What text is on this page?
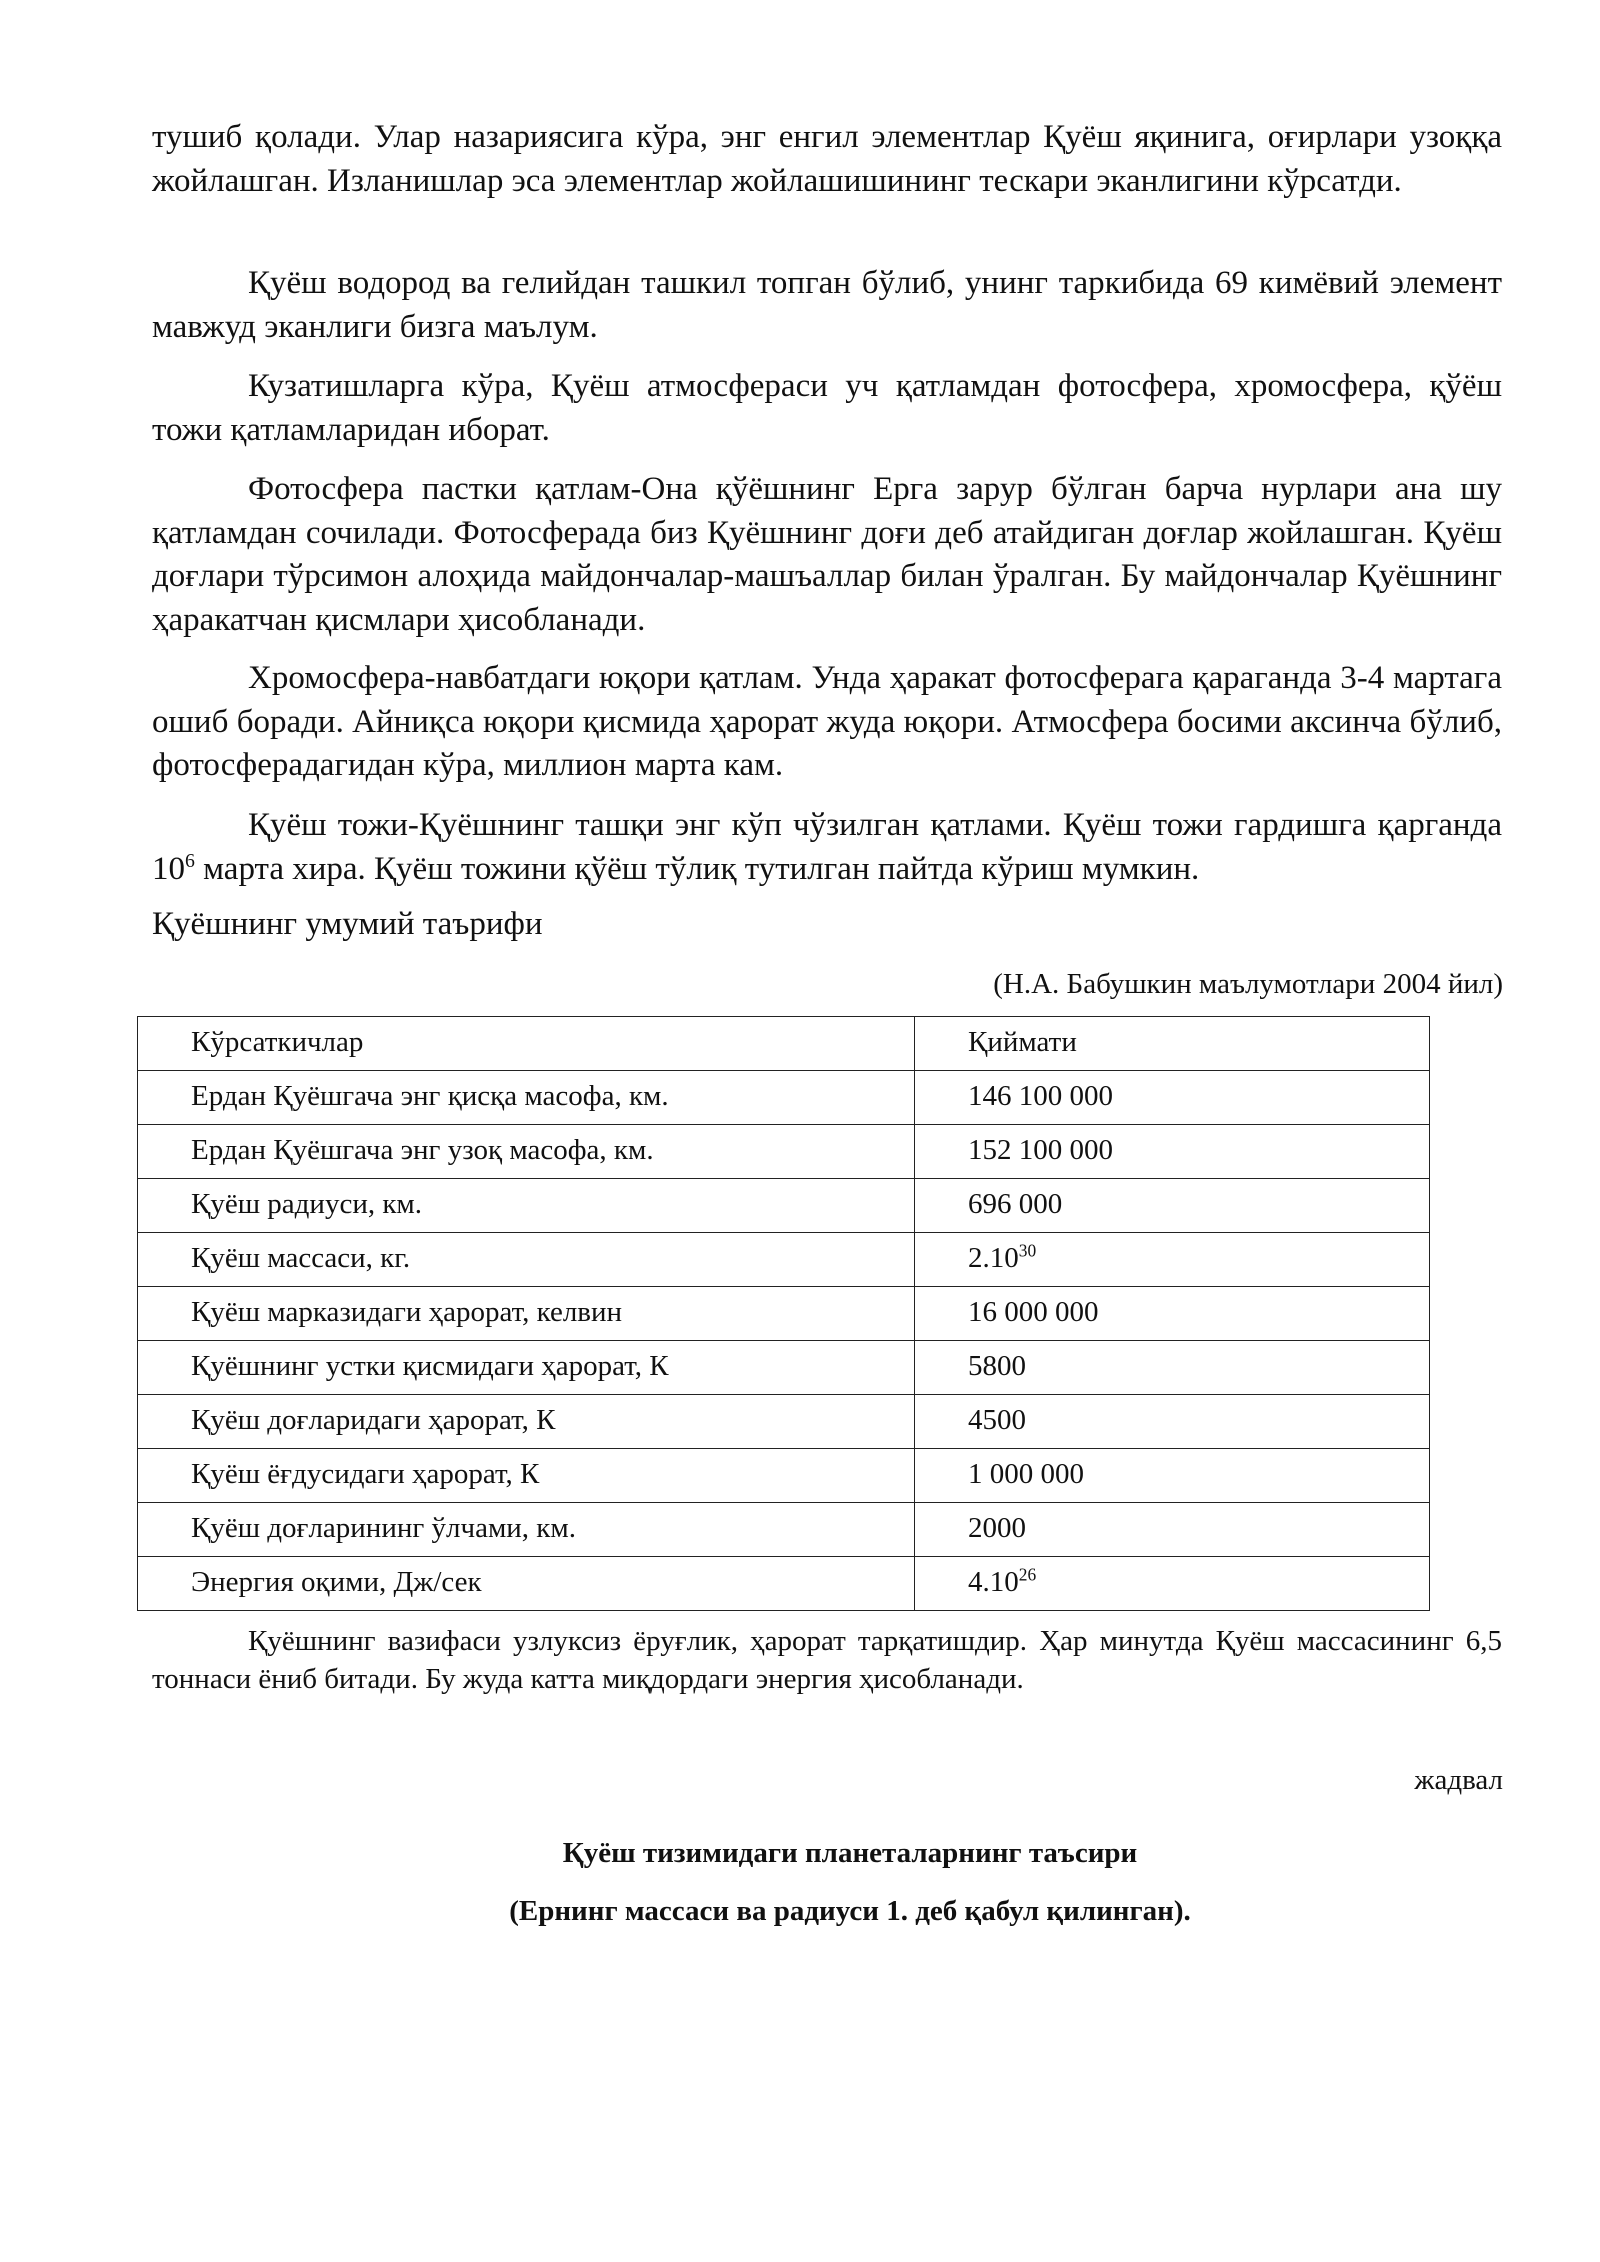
тушиб қолади. Улар назариясига кўра, энг енгил элементлар Қуёш яқинига, оғирлари узоққа жойлашган. Изланишлар эса элементлар жойлашишининг тескари эканлигини кўрсатди.

Қуёш водород ва гелийдан ташкил топган бўлиб, унинг таркибида 69 кимёвий элемент мавжуд эканлиги бизга маълум.

Кузатишларга кўра, Қуёш атмосфераси уч қатламдан фотосфера, хромосфера, қўёш тожи қатламларидан иборат.

Фотосфера пастки қатлам-Она қўёшнинг Ерга зарур бўлган барча нурлари ана шу қатламдан сочилади. Фотосферада биз Қуёшнинг доғи деб атайдиган доғлар жойлашган. Қуёш доғлари тўрсимон алоҳида майдончалар-машъаллар билан ўралган. Бу майдончалар Қуёшнинг ҳаракатчан қисмлари ҳисобланади.

Хромосфера-навбатдаги юқори қатлам. Унда ҳаракат фотосферага қараганда 3-4 мартага ошиб боради. Айниқса юқори қисмида ҳарорат жуда юқори. Атмосфера босими аксинча бўлиб, фотосферадагидан кўра, миллион марта кам.

Қуёш тожи-Қуёшнинг ташқи энг кўп чўзилган қатлами. Қуёш тожи гардишга қарганда $10^6$ марта хира. Қуёш тожини қўёш тўлиқ тутилган пайтда кўриш мумкин.

Қуёшнинг умумий таърифи

(Н.А. Бабушкин маълумотлари 2004 йил)

Кўрсаткичлар	Қиймати

Ердан Қуёшгача энг қисқа масофа, км.	146 100 000

Ердан Қуёшгача энг узоқ масофа, км.	152 100 000

Қуёш радиуси, км.	696 000

Қуёш массаси, кг.	2.10$^{30}$

Қуёш марказидаги ҳарорат, келвин	16 000 000

Қуёшнинг устки қисмидаги ҳарорат, К	5800

Қуёш доғларидаги ҳарорат, К	4500

Қуёш ёғдусидаги ҳарорат, К	1 000 000

Қуёш доғларининг ўлчами, км.	2000

Энергия оқими, Дж/сек	4.10$^{26}$

Қуёшнинг вазифаси узлуксиз ёруғлик, ҳарорат тарқатишдир. Ҳар минутда Қуёш массасининг 6,5 тоннаси ёниб битади. Бу жуда катта миқдордаги энергия ҳисобланади.

жадвал

Қуёш тизимидаги планеталарнинг таъсири

(Ернинг массаси ва радиуси 1. деб қабул қилинган).
